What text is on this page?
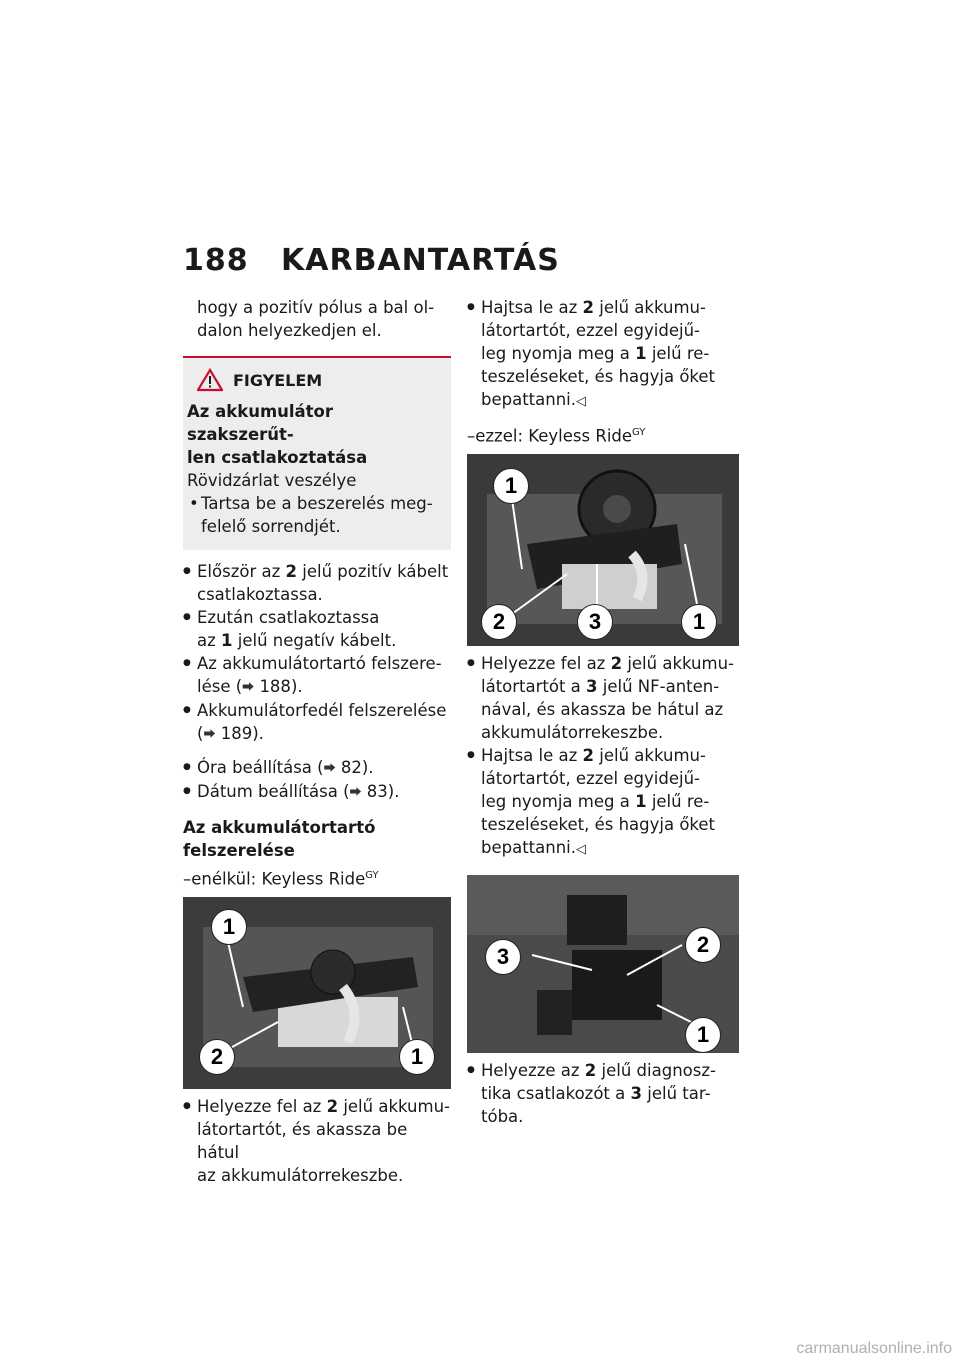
188 KARBANTARTÁS

hogy a pozitív pólus a bal ol-

dalon helyezkedjen el.

FIGYELEM

Az akkumulátor szakszerűt-

len csatlakoztatása

Rövidzárlat veszélye

• Tartsa be a beszerelés meg-

felelő sorrendjét.

● Először az 2 jelű pozitív kábelt

csatlakoztassa.

● Ezután csatlakoztassa

az 1 jelű negatív kábelt.

● Az akkumulátortartó felszere-

lése (⮕ 188).

● Akkumulátorfedél felszerelése

(⮕ 189).

● Óra beállítása (⮕ 82).

● Dátum beállítása (⮕ 83).

Az akkumulátortartó

felszerelése

–enélkül: Keyless Ride$^{GY}$

1
2	1

● Helyezze fel az 2 jelű akkumu-

látortartót, és akassza be hátul

az akkumulátorrekeszbe.

● Hajtsa le az 2 jelű akkumu-

látortartót, ezzel egyidejű-

leg nyomja meg a 1 jelű re-

teszeléseket, és hagyja őket

bepattanni.◁

–ezzel: Keyless Ride$^{GY}$

1
2	3	1

● Helyezze fel az 2 jelű akkumu-

látortartót a 3 jelű NF-anten-

nával, és akassza be hátul az

akkumulátorrekeszbe.

● Hajtsa le az 2 jelű akkumu-

látortartót, ezzel egyidejű-

leg nyomja meg a 1 jelű re-

teszeléseket, és hagyja őket

bepattanni.◁

2
3
1

● Helyezze az 2 jelű diagnosz-

tika csatlakozót a 3 jelű tar-

tóba.

carmanualsonline.info
